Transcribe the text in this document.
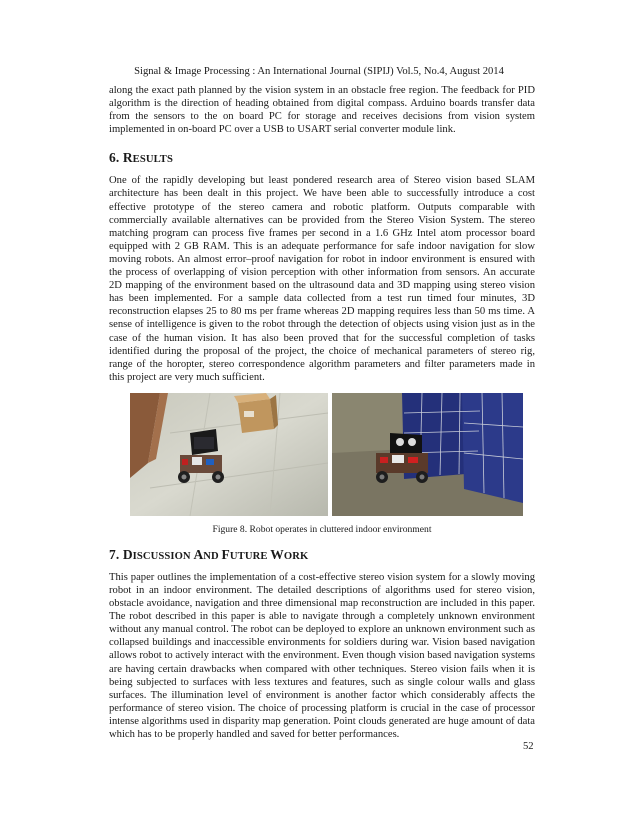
Signal & Image Processing : An International Journal (SIPIJ) Vol.5, No.4, August 2014

along the exact path planned by the vision system in an obstacle free region. The feedback for PID algorithm is the direction of heading obtained from digital compass. Arduino boards transfer data from the sensors to the on board PC for storage and receives decisions from vision system implemented in on-board PC over a USB to USART serial converter module link.

6. RESULTS

One of the rapidly developing but least pondered research area of Stereo vision based SLAM architecture has been dealt in this project. We have been able to successfully introduce a cost effective prototype of the stereo camera and robotic platform. Outputs comparable with commercially available alternatives can be provided from the Stereo Vision System. The stereo matching program can process five frames per second in a 1.6 GHz Intel atom processor board equipped with 2 GB RAM. This is an adequate performance for safe indoor navigation for slow moving robots. An almost error–proof navigation for robot in indoor environment is ensured with the process of overlapping of vision perception with other information from sensors. An accurate 2D mapping of the environment based on the ultrasound data and 3D mapping using stereo vision has been implemented. For a sample data collected from a test run timed four minutes, 3D reconstruction elapses 25 to 80 ms per frame whereas 2D mapping requires less than 50 ms time. A sense of intelligence is given to the robot through the detection of objects using vision just as in the case of the human vision. It has also been proved that for the successful completion of tasks identified during the proposal of the project, the choice of mechanical parameters of stereo rig, range of the horopter, stereo correspondence algorithm parameters and filter parameters made in this project are very much sufficient.

Figure 8. Robot operates in cluttered indoor environment
7. DISCUSSION AND FUTURE WORK

This paper outlines the implementation of a cost-effective stereo vision system for a slowly moving robot in an indoor environment. The detailed descriptions of algorithms used for stereo vision, obstacle avoidance, navigation and three dimensional map reconstruction are included in this paper. The robot described in this paper is able to navigate through a completely unknown environment without any manual control. The robot can be deployed to explore an unknown environment such as collapsed buildings and inaccessible environments for soldiers during war. Vision based navigation allows robot to actively interact with the environment. Even though vision based navigation systems are having certain drawbacks when compared with other techniques. Stereo vision fails when it is being subjected to surfaces with less textures and features, such as single colour walls and glass surfaces. The illumination level of environment is another factor which considerably affects the performance of stereo vision. The choice of processing platform is crucial in the case of processor intense algorithms used in disparity map generation. Point clouds generated are huge amount of data which has to be properly handled and saved for better performances.

52
